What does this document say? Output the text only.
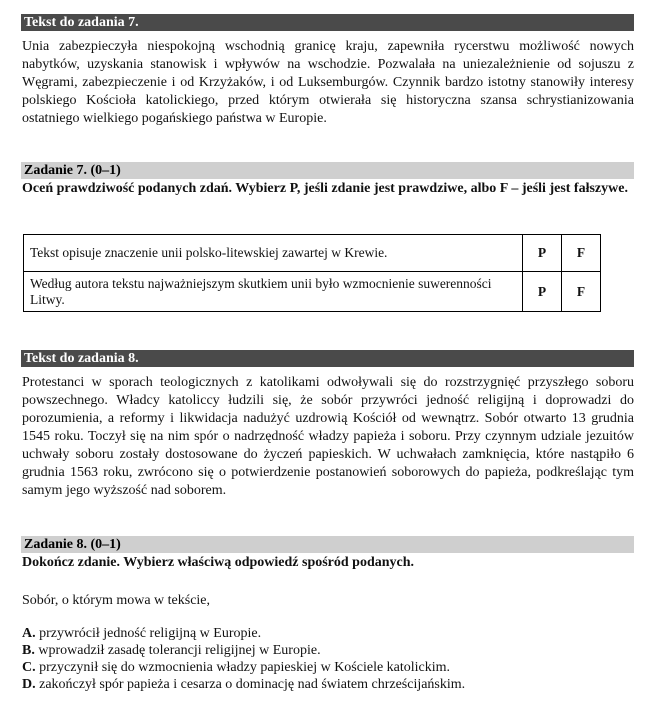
Tekst do zadania 7.

Unia zabezpieczyła niespokojną wschodnią granicę kraju, zapewniła rycerstwu możliwość nowych nabytków, uzyskania stanowisk i wpływów na wschodzie. Pozwalała na uniezależnienie od sojuszu z Węgrami, zabezpieczenie i od Krzyżaków, i od Luksemburgów. Czynnik bardzo istotny stanowiły interesy polskiego Kościoła katolickiego, przed którym otwierała się historyczna szansa schrystianizowania ostatniego wielkiego pogańskiego państwa w Europie.

Zadanie 7. (0–1)

Oceń prawdziwość podanych zdań. Wybierz P, jeśli zdanie jest prawdziwe, albo F – jeśli jest fałszywe.

Tekst opisuje znaczenie unii polsko-litewskiej zawartej w Krewie.	P	F
Według autora tekstu najważniejszym skutkiem unii było wzmocnienie suwerenności Litwy.	P	F
Tekst do zadania 8.

Protestanci w sporach teologicznych z katolikami odwoływali się do rozstrzygnięć przyszłego soboru powszechnego. Władcy katoliccy łudzili się, że sobór przywróci jedność religijną i doprowadzi do porozumienia, a reformy i likwidacja nadużyć uzdrowią Kościół od wewnątrz. Sobór otwarto 13 grudnia 1545 roku. Toczył się na nim spór o nadrzędność władzy papieża i soboru. Przy czynnym udziale jezuitów uchwały soboru zostały dostosowane do życzeń papieskich. W uchwałach zamknięcia, które nastąpiło 6 grudnia 1563 roku, zwrócono się o potwierdzenie postanowień soborowych do papieża, podkreślając tym samym jego wyższość nad soborem.

Zadanie 8. (0–1)

Dokończ zdanie. Wybierz właściwą odpowiedź spośród podanych.

Sobór, o którym mowa w tekście,

A. przywrócił jedność religijną w Europie.
B. wprowadził zasadę tolerancji religijnej w Europie.
C. przyczynił się do wzmocnienia władzy papieskiej w Kościele katolickim.
D. zakończył spór papieża i cesarza o dominację nad światem chrześcijańskim.
